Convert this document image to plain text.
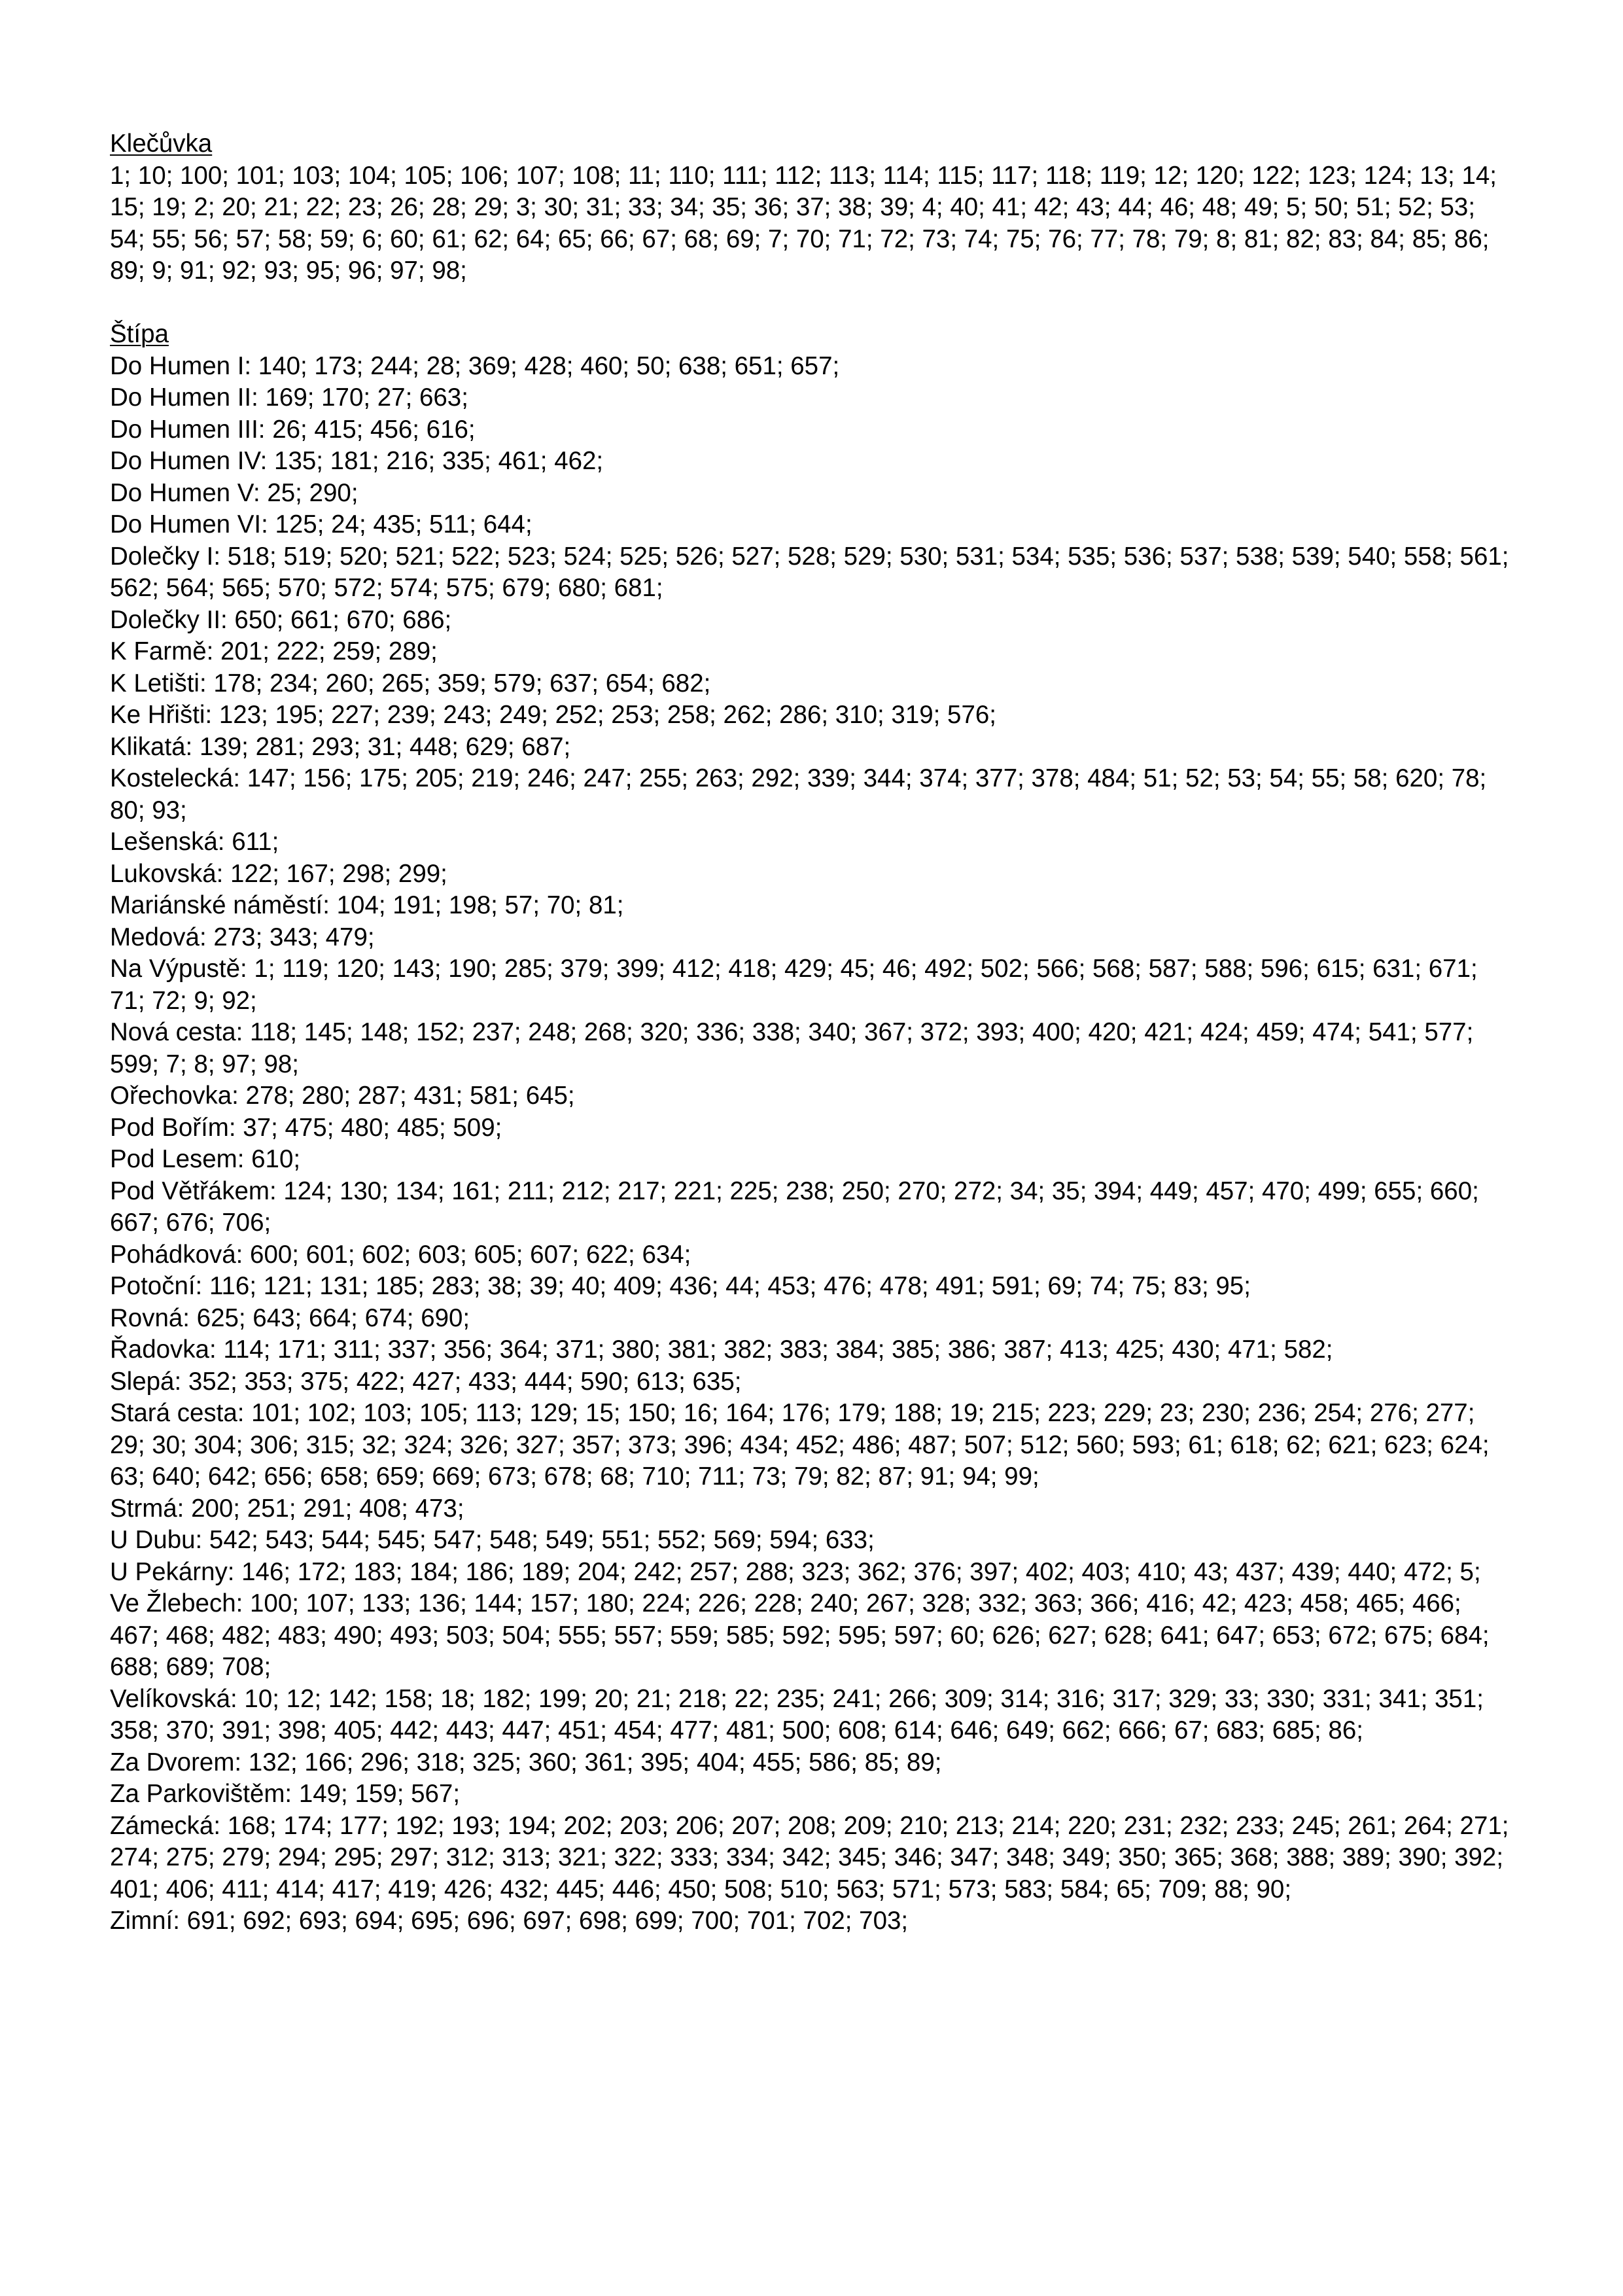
Klečůvka

1; 10; 100; 101; 103; 104; 105; 106; 107; 108; 11; 110; 111; 112; 113; 114; 115; 117; 118; 119; 12; 120; 122; 123; 124; 13; 14; 15; 19; 2; 20; 21; 22; 23; 26; 28; 29; 3; 30; 31; 33; 34; 35; 36; 37; 38; 39; 4; 40; 41; 42; 43; 44; 46; 48; 49; 5; 50; 51; 52; 53; 54; 55; 56; 57; 58; 59; 6; 60; 61; 62; 64; 65; 66; 67; 68; 69; 7; 70; 71; 72; 73; 74; 75; 76; 77; 78; 79; 8; 81; 82; 83; 84; 85; 86; 89; 9; 91; 92; 93; 95; 96; 97; 98;

Štípa

Do Humen I: 140; 173; 244; 28; 369; 428; 460; 50; 638; 651; 657;

Do Humen II: 169; 170; 27; 663;

Do Humen III: 26; 415; 456; 616;

Do Humen IV: 135; 181; 216; 335; 461; 462;

Do Humen V: 25; 290;

Do Humen VI: 125; 24; 435; 511; 644;

Dolečky I: 518; 519; 520; 521; 522; 523; 524; 525; 526; 527; 528; 529; 530; 531; 534; 535; 536; 537; 538; 539; 540; 558; 561; 562; 564; 565; 570; 572; 574; 575; 679; 680; 681;

Dolečky II: 650; 661; 670; 686;

K Farmě: 201; 222; 259; 289;

K Letišti: 178; 234; 260; 265; 359; 579; 637; 654; 682;

Ke Hřišti: 123; 195; 227; 239; 243; 249; 252; 253; 258; 262; 286; 310; 319; 576;

Klikatá: 139; 281; 293; 31; 448; 629; 687;

Kostelecká: 147; 156; 175; 205; 219; 246; 247; 255; 263; 292; 339; 344; 374; 377; 378; 484; 51; 52; 53; 54; 55; 58; 620; 78; 80; 93;

Lešenská: 611;

Lukovská: 122; 167; 298; 299;

Mariánské náměstí: 104; 191; 198; 57; 70; 81;

Medová: 273; 343; 479;

Na Výpustě: 1; 119; 120; 143; 190; 285; 379; 399; 412; 418; 429; 45; 46; 492; 502; 566; 568; 587; 588; 596; 615; 631; 671; 71; 72; 9; 92;

Nová cesta: 118; 145; 148; 152; 237; 248; 268; 320; 336; 338; 340; 367; 372; 393; 400; 420; 421; 424; 459; 474; 541; 577; 599; 7; 8; 97; 98;

Ořechovka: 278; 280; 287; 431; 581; 645;

Pod Bořím: 37; 475; 480; 485; 509;

Pod Lesem: 610;

Pod Větřákem: 124; 130; 134; 161; 211; 212; 217; 221; 225; 238; 250; 270; 272; 34; 35; 394; 449; 457; 470; 499; 655; 660; 667; 676; 706;

Pohádková: 600; 601; 602; 603; 605; 607; 622; 634;

Potoční: 116; 121; 131; 185; 283; 38; 39; 40; 409; 436; 44; 453; 476; 478; 491; 591; 69; 74; 75; 83; 95;

Rovná: 625; 643; 664; 674; 690;

Řadovka: 114; 171; 311; 337; 356; 364; 371; 380; 381; 382; 383; 384; 385; 386; 387; 413; 425; 430; 471; 582;

Slepá: 352; 353; 375; 422; 427; 433; 444; 590; 613; 635;

Stará cesta: 101; 102; 103; 105; 113; 129; 15; 150; 16; 164; 176; 179; 188; 19; 215; 223; 229; 23; 230; 236; 254; 276; 277; 29; 30; 304; 306; 315; 32; 324; 326; 327; 357; 373; 396; 434; 452; 486; 487; 507; 512; 560; 593; 61; 618; 62; 621; 623; 624; 63; 640; 642; 656; 658; 659; 669; 673; 678; 68; 710; 711; 73; 79; 82; 87; 91; 94; 99;

Strmá: 200; 251; 291; 408; 473;

U Dubu: 542; 543; 544; 545; 547; 548; 549; 551; 552; 569; 594; 633;

U Pekárny: 146; 172; 183; 184; 186; 189; 204; 242; 257; 288; 323; 362; 376; 397; 402; 403; 410; 43; 437; 439; 440; 472; 5;

Ve Žlebech: 100; 107; 133; 136; 144; 157; 180; 224; 226; 228; 240; 267; 328; 332; 363; 366; 416; 42; 423; 458; 465; 466; 467; 468; 482; 483; 490; 493; 503; 504; 555; 557; 559; 585; 592; 595; 597; 60; 626; 627; 628; 641; 647; 653; 672; 675; 684; 688; 689; 708;

Velíkovská: 10; 12; 142; 158; 18; 182; 199; 20; 21; 218; 22; 235; 241; 266; 309; 314; 316; 317; 329; 33; 330; 331; 341; 351; 358; 370; 391; 398; 405; 442; 443; 447; 451; 454; 477; 481; 500; 608; 614; 646; 649; 662; 666; 67; 683; 685; 86;

Za Dvorem: 132; 166; 296; 318; 325; 360; 361; 395; 404; 455; 586; 85; 89;

Za Parkovištěm: 149; 159; 567;

Zámecká: 168; 174; 177; 192; 193; 194; 202; 203; 206; 207; 208; 209; 210; 213; 214; 220; 231; 232; 233; 245; 261; 264; 271; 274; 275; 279; 294; 295; 297; 312; 313; 321; 322; 333; 334; 342; 345; 346; 347; 348; 349; 350; 365; 368; 388; 389; 390; 392; 401; 406; 411; 414; 417; 419; 426; 432; 445; 446; 450; 508; 510; 563; 571; 573; 583; 584; 65; 709; 88; 90;

Zimní: 691; 692; 693; 694; 695; 696; 697; 698; 699; 700; 701; 702; 703;
